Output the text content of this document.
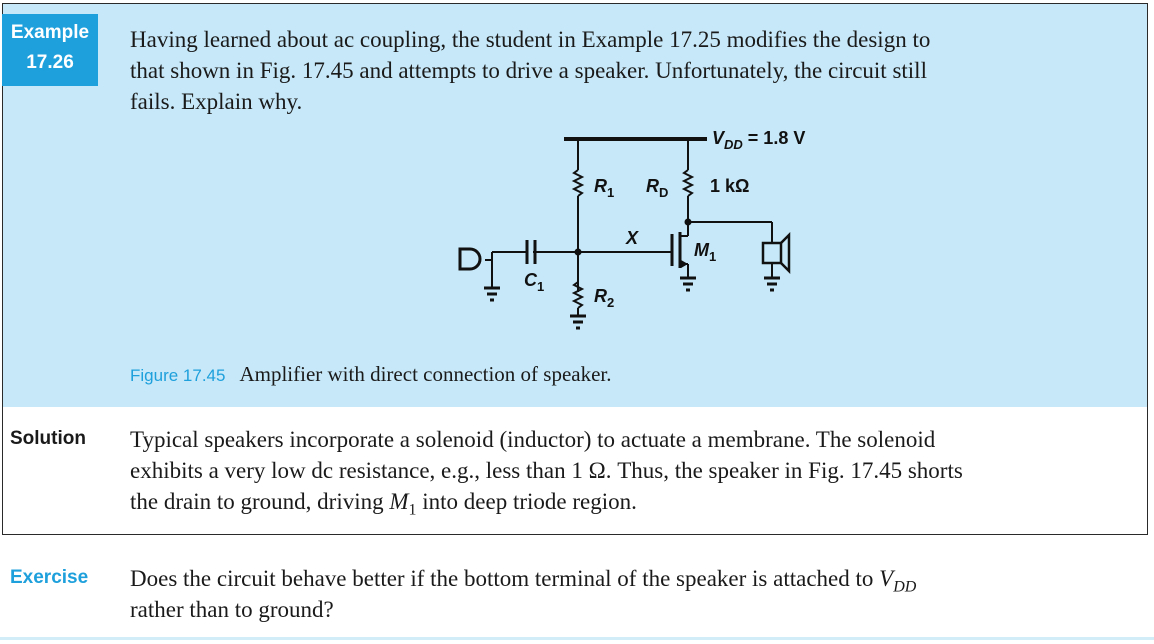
Example
17.26

Having learned about ac coupling, the student in Example 17.25 modifies the design to

that shown in Fig. 17.45 and attempts to drive a speaker. Unfortunately, the circuit still

fails. Explain why.

$V_{DD} = 1.8$ V
$R_1$ $R_D$ 1 kΩ
$M_1$
X
$C_1$	$R_2$

Figure 17.45 Amplifier with direct connection of speaker.

Solution Typical speakers incorporate a solenoid (inductor) to actuate a membrane. The solenoid

exhibits a very low dc resistance, e.g., less than 1 Ω. Thus, the speaker in Fig. 17.45 shorts

the drain to ground, driving $M_1$ into deep triode region.

Exercise Does the circuit behave better if the bottom terminal of the speaker is attached to $V_{DD}$

rather than to ground?
